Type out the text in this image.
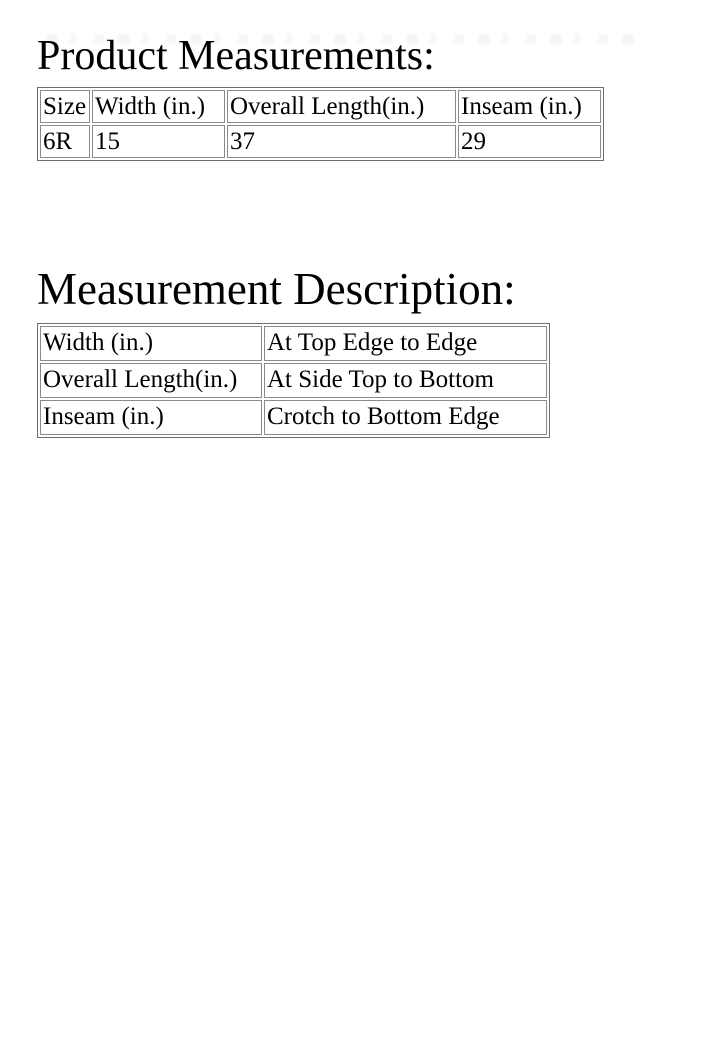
Product Measurements:
Size	Width (in.)	Overall Length(in.)	Inseam (in.)
6R	15	37	29
Measurement Description:
Width (in.)	At Top Edge to Edge
Overall Length(in.)	At Side Top to Bottom
Inseam (in.)	Crotch to Bottom Edge
